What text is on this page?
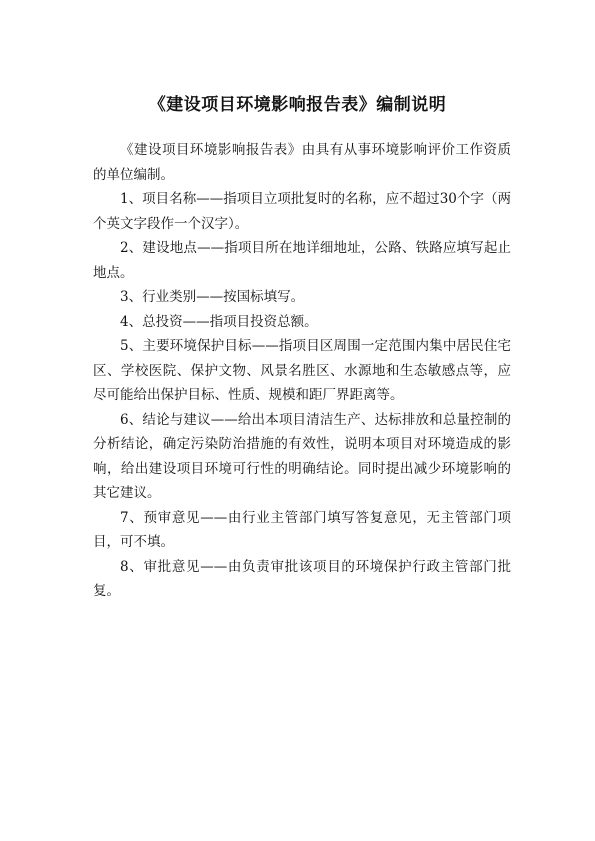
《建设项目环境影响报告表》编制说明

《建设项目环境影响报告表》由具有从事环境影响评价工作资质的单位编制。

1、项目名称——指项目立项批复时的名称，应不超过30个字（两个英文字段作一个汉字）。

2、建设地点——指项目所在地详细地址，公路、铁路应填写起止地点。

3、行业类别——按国标填写。

4、总投资——指项目投资总额。

5、主要环境保护目标——指项目区周围一定范围内集中居民住宅区、学校医院、保护文物、风景名胜区、水源地和生态敏感点等，应尽可能给出保护目标、性质、规模和距厂界距离等。

6、结论与建议——给出本项目清洁生产、达标排放和总量控制的分析结论，确定污染防治措施的有效性，说明本项目对环境造成的影响，给出建设项目环境可行性的明确结论。同时提出减少环境影响的其它建议。

7、预审意见——由行业主管部门填写答复意见，无主管部门项目，可不填。

8、审批意见——由负责审批该项目的环境保护行政主管部门批复。
